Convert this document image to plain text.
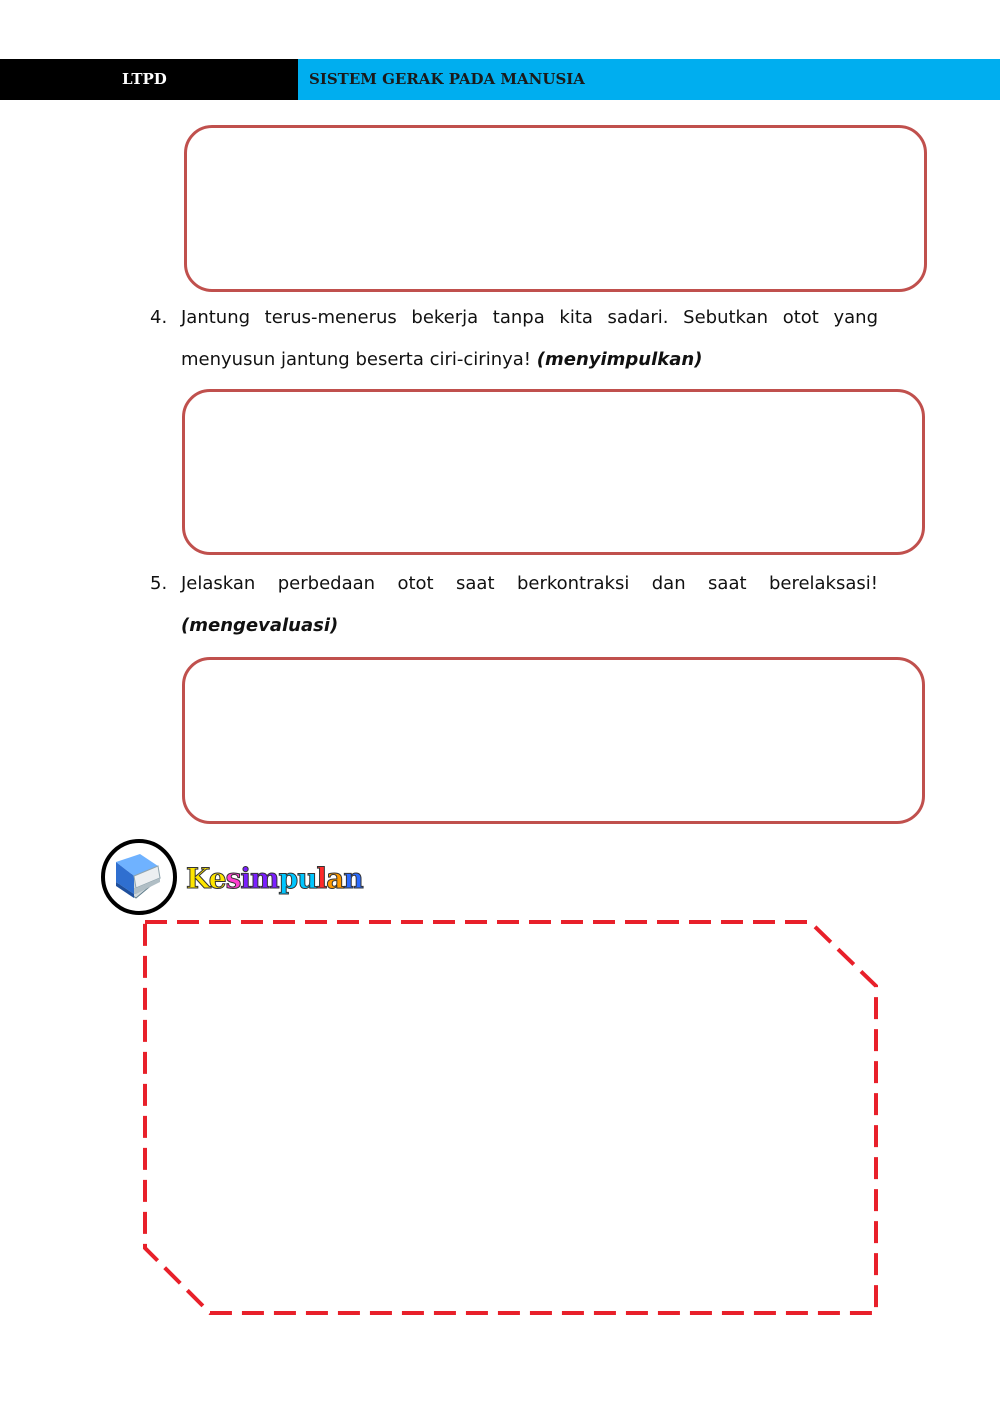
LTPD	SISTEM GERAK PADA MANUSIA
4. Jantung terus-menerus bekerja tanpa kita sadari. Sebutkan otot yang
menyusun jantung beserta ciri-cirinya! (menyimpulkan)
5. Jelaskan perbedaan otot saat berkontraksi dan saat berelaksasi!
(mengevaluasi)
Kesimpulan
